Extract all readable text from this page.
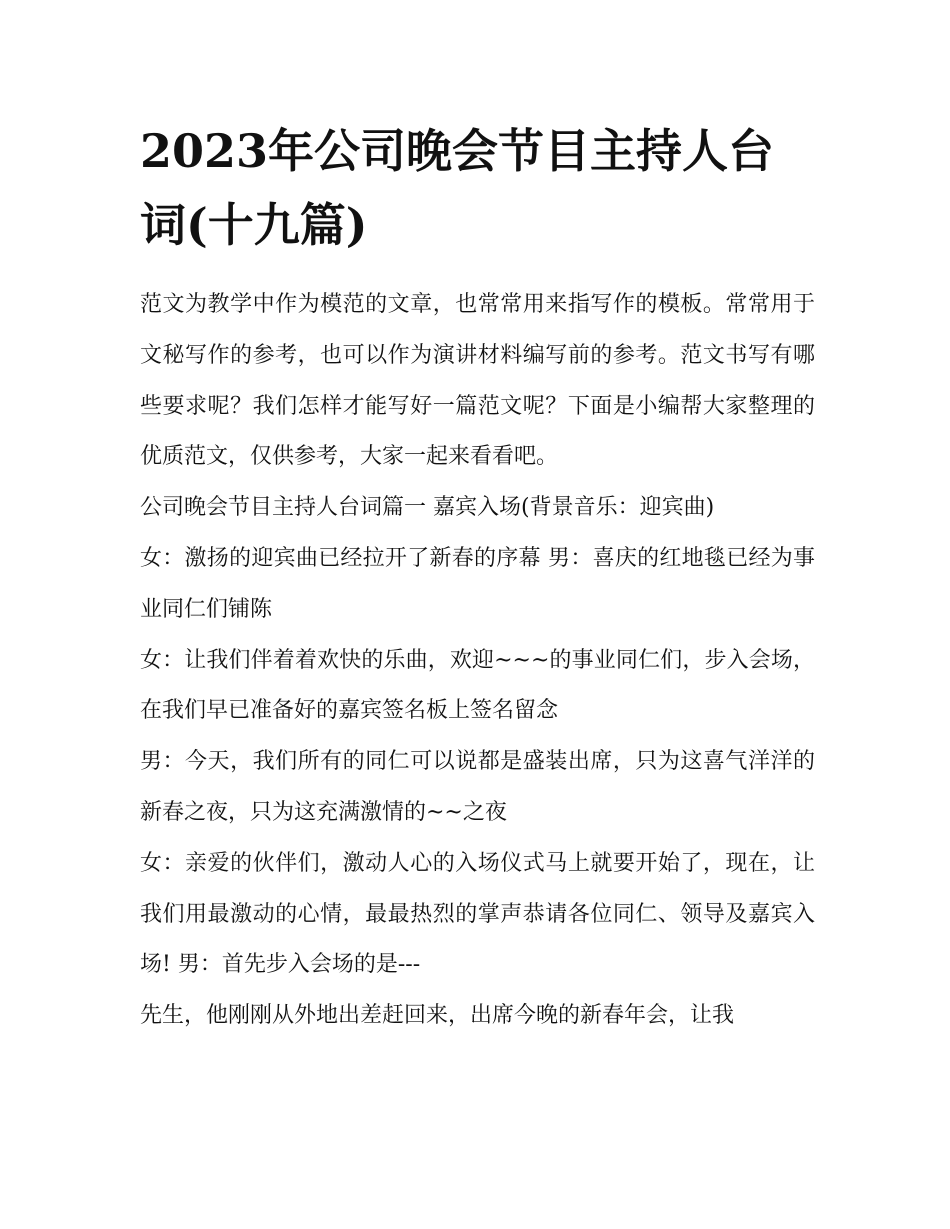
2023年公司晚会节目主持人台词(十九篇)

范文为教学中作为模范的文章，也常常用来指写作的模板。常常用于文秘写作的参考，也可以作为演讲材料编写前的参考。范文书写有哪些要求呢？我们怎样才能写好一篇范文呢？下面是小编帮大家整理的优质范文，仅供参考，大家一起来看看吧。

公司晚会节目主持人台词篇一 嘉宾入场(背景音乐：迎宾曲)

女：激扬的迎宾曲已经拉开了新春的序幕 男：喜庆的红地毯已经为事业同仁们铺陈

女：让我们伴着着欢快的乐曲，欢迎~~~的事业同仁们，步入会场，在我们早已准备好的嘉宾签名板上签名留念

男：今天，我们所有的同仁可以说都是盛装出席，只为这喜气洋洋的新春之夜，只为这充满激情的~~之夜

女：亲爱的伙伴们，激动人心的入场仪式马上就要开始了，现在，让我们用最激动的心情，最最热烈的掌声恭请各位同仁、领导及嘉宾入场! 男：首先步入会场的是---

先生，他刚刚从外地出差赶回来，出席今晚的新春年会，让我
